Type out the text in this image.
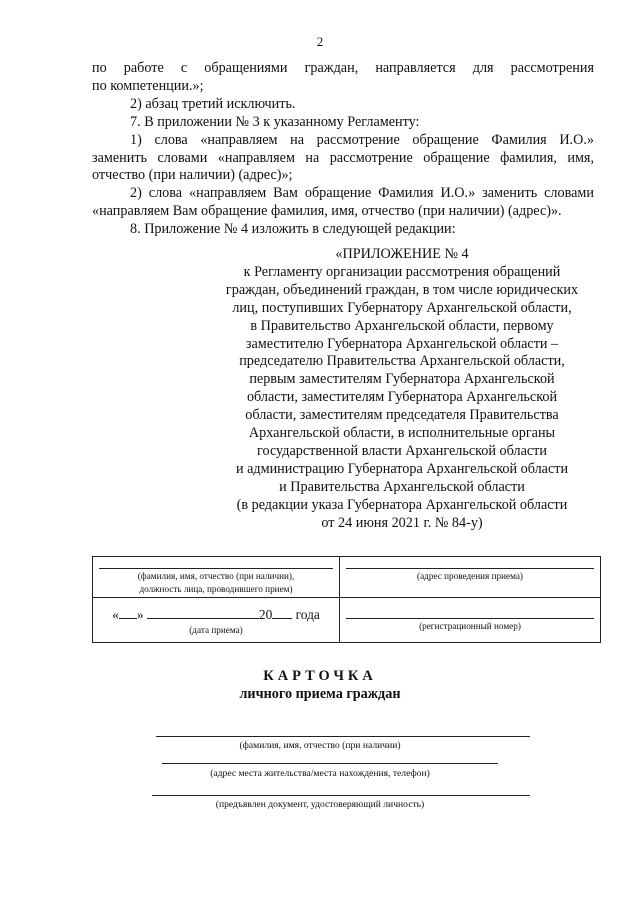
2

по работе с обращениями граждан, направляется для рассмотрения

по компетенции.»;

2) абзац третий исключить.

7. В приложении № 3 к указанному Регламенту:

1) слова «направляем на рассмотрение обращение Фамилия И.О.»

заменить словами «направляем на рассмотрение обращение фамилия, имя,

отчество (при наличии) (адрес)»;

2) слова «направляем Вам обращение Фамилия И.О.» заменить словами

«направляем Вам обращение фамилия, имя, отчество (при наличии) (адрес)».

8. Приложение № 4 изложить в следующей редакции:

«ПРИЛОЖЕНИЕ № 4
к Регламенту организации рассмотрения обращений
граждан, объединений граждан, в том числе юридических
лиц, поступивших Губернатору Архангельской области,
в Правительство Архангельской области, первому
заместителю Губернатора Архангельской области –
председателю Правительства Архангельской области,
первым заместителям Губернатора Архангельской
области, заместителям Губернатора Архангельской
области, заместителям председателя Правительства
Архангельской области, в исполнительные органы
государственной власти Архангельской области
и администрацию Губернатора Архангельской области
и Правительства Архангельской области
(в редакции указа Губернатора Архангельской области
от 24 июня 2021 г. № 84-у)
(фамилия, имя, отчество (при наличии),
должность лица, проводившего прием)	(адрес проведения приема)

« » 20 года
(дата приема)	(регистрационный номер)
КАРТОЧКА
личного приема граждан
(фамилия, имя, отчество (при наличии)
(адрес места жительства/места нахождения, телефон)
(предъявлен документ, удостоверяющий личность)
